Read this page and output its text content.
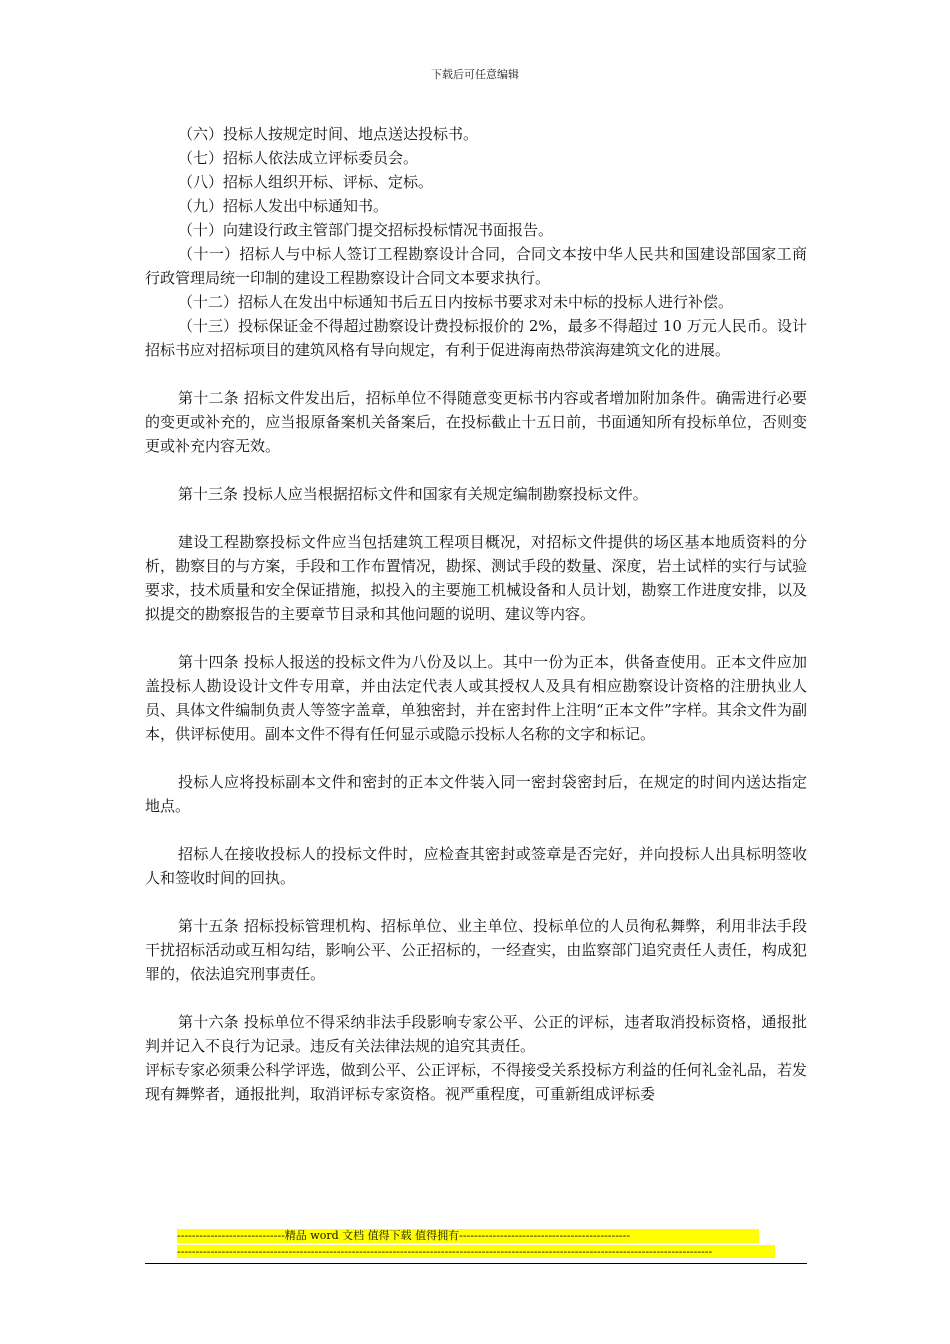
下载后可任意编辑

（六）投标人按规定时间、地点送达投标书。

（七）招标人依法成立评标委员会。

（八）招标人组织开标、评标、定标。

（九）招标人发出中标通知书。

（十）向建设行政主管部门提交招标投标情况书面报告。

（十一）招标人与中标人签订工程勘察设计合同，合同文本按中华人民共和国建设部国家工商行政管理局统一印制的建设工程勘察设计合同文本要求执行。

（十二）招标人在发出中标通知书后五日内按标书要求对未中标的投标人进行补偿。

（十三）投标保证金不得超过勘察设计费投标报价的 2%，最多不得超过 10 万元人民币。设计招标书应对招标项目的建筑风格有导向规定，有利于促进海南热带滨海建筑文化的进展。

第十二条 招标文件发出后，招标单位不得随意变更标书内容或者增加附加条件。确需进行必要的变更或补充的，应当报原备案机关备案后，在投标截止十五日前，书面通知所有投标单位，否则变更或补充内容无效。

第十三条 投标人应当根据招标文件和国家有关规定编制勘察投标文件。

建设工程勘察投标文件应当包括建筑工程项目概况，对招标文件提供的场区基本地质资料的分析，勘察目的与方案，手段和工作布置情况，勘探、测试手段的数量、深度，岩土试样的实行与试验要求，技术质量和安全保证措施，拟投入的主要施工机械设备和人员计划，勘察工作进度安排，以及拟提交的勘察报告的主要章节目录和其他问题的说明、建议等内容。

第十四条 投标人报送的投标文件为八份及以上。其中一份为正本，供备查使用。正本文件应加盖投标人勘设设计文件专用章，并由法定代表人或其授权人及具有相应勘察设计资格的注册执业人员、具体文件编制负责人等签字盖章，单独密封，并在密封件上注明“正本文件”字样。其余文件为副本，供评标使用。副本文件不得有任何显示或隐示投标人名称的文字和标记。

投标人应将投标副本文件和密封的正本文件装入同一密封袋密封后，在规定的时间内送达指定地点。

招标人在接收投标人的投标文件时，应检查其密封或签章是否完好，并向投标人出具标明签收人和签收时间的回执。

第十五条 招标投标管理机构、招标单位、业主单位、投标单位的人员徇私舞弊，利用非法手段干扰招标活动或互相勾结，影响公平、公正招标的，一经查实，由监察部门追究责任人责任，构成犯罪的，依法追究刑事责任。

第十六条 投标单位不得采纳非法手段影响专家公平、公正的评标，违者取消投标资格，通报批判并记入不良行为记录。违反有关法律法规的追究其责任。

评标专家必须秉公科学评选，做到公平、公正评标，不得接受关系投标方利益的任何礼金礼品，若发现有舞弊者，通报批判，取消评标专家资格。视严重程度，可重新组成评标委

-----------------------------精品 word 文档 值得下载 值得拥有----------------------------------------------
------------------------------------------------------------------------------------------------------------------------------------------------
